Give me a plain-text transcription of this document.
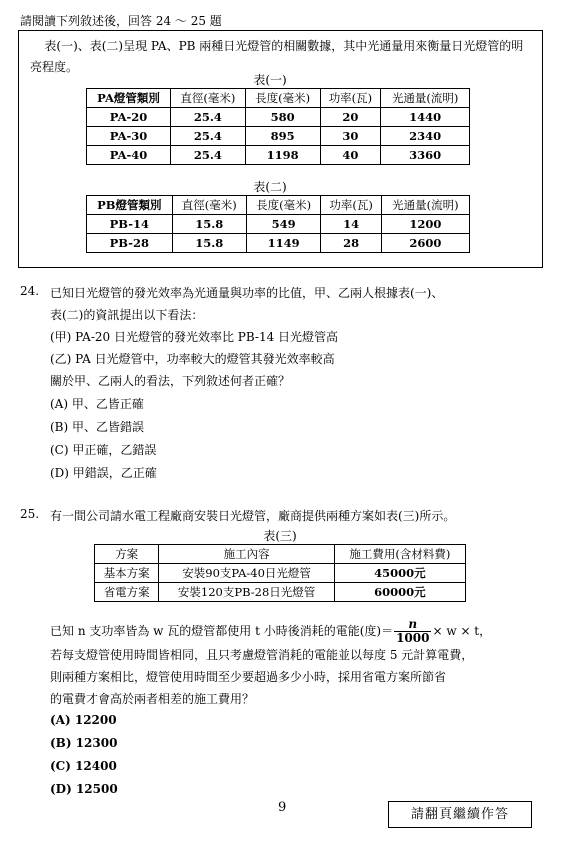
請閱讀下列敘述後，回答 24 ～ 25 題
表(一)、表(二)呈現 PA、PB 兩種日光燈管的相關數據，其中光通量用來衡量日光燈管的明亮程度。
表(一)
PA燈管類別	直徑(毫米)	長度(毫米)	功率(瓦)	光通量(流明)
PA-20	25.4	580	20	1440
PA-30	25.4	895	30	2340
PA-40	25.4	1198	40	3360
表(二)
PB燈管類別	直徑(毫米)	長度(毫米)	功率(瓦)	光通量(流明)
PB-14	15.8	549	14	1200
PB-28	15.8	1149	28	2600
24. 已知日光燈管的發光效率為光通量與功率的比值，甲、乙兩人根據表(一)、
表(二)的資訊提出以下看法：
(甲) PA-20 日光燈管的發光效率比 PB-14 日光燈管高
(乙) PA 日光燈管中，功率較大的燈管其發光效率較高
關於甲、乙兩人的看法，下列敘述何者正確？
(A) 甲、乙皆正確
(B) 甲、乙皆錯誤
(C) 甲正確，乙錯誤
(D) 甲錯誤，乙正確
25. 有一間公司請水電工程廠商安裝日光燈管，廠商提供兩種方案如表(三)所示。
表(三)
方案	施工內容	施工費用(含材料費)
基本方案	安裝90支PA-40日光燈管	45000元
省電方案	安裝120支PB-28日光燈管	60000元
已知 n 支功率皆為 w 瓦的燈管都使用 t 小時後消耗的電能(度)＝ $\frac{n}{1000} \times w \times t$，
若每支燈管使用時間皆相同，且只考慮燈管消耗的電能並以每度 5 元計算電費，
則兩種方案相比，燈管使用時間至少要超過多少小時，採用省電方案所節省
的電費才會高於兩者相差的施工費用？
(A) 12200
(B) 12300
(C) 12400
(D) 12500
9	請翻頁繼續作答
